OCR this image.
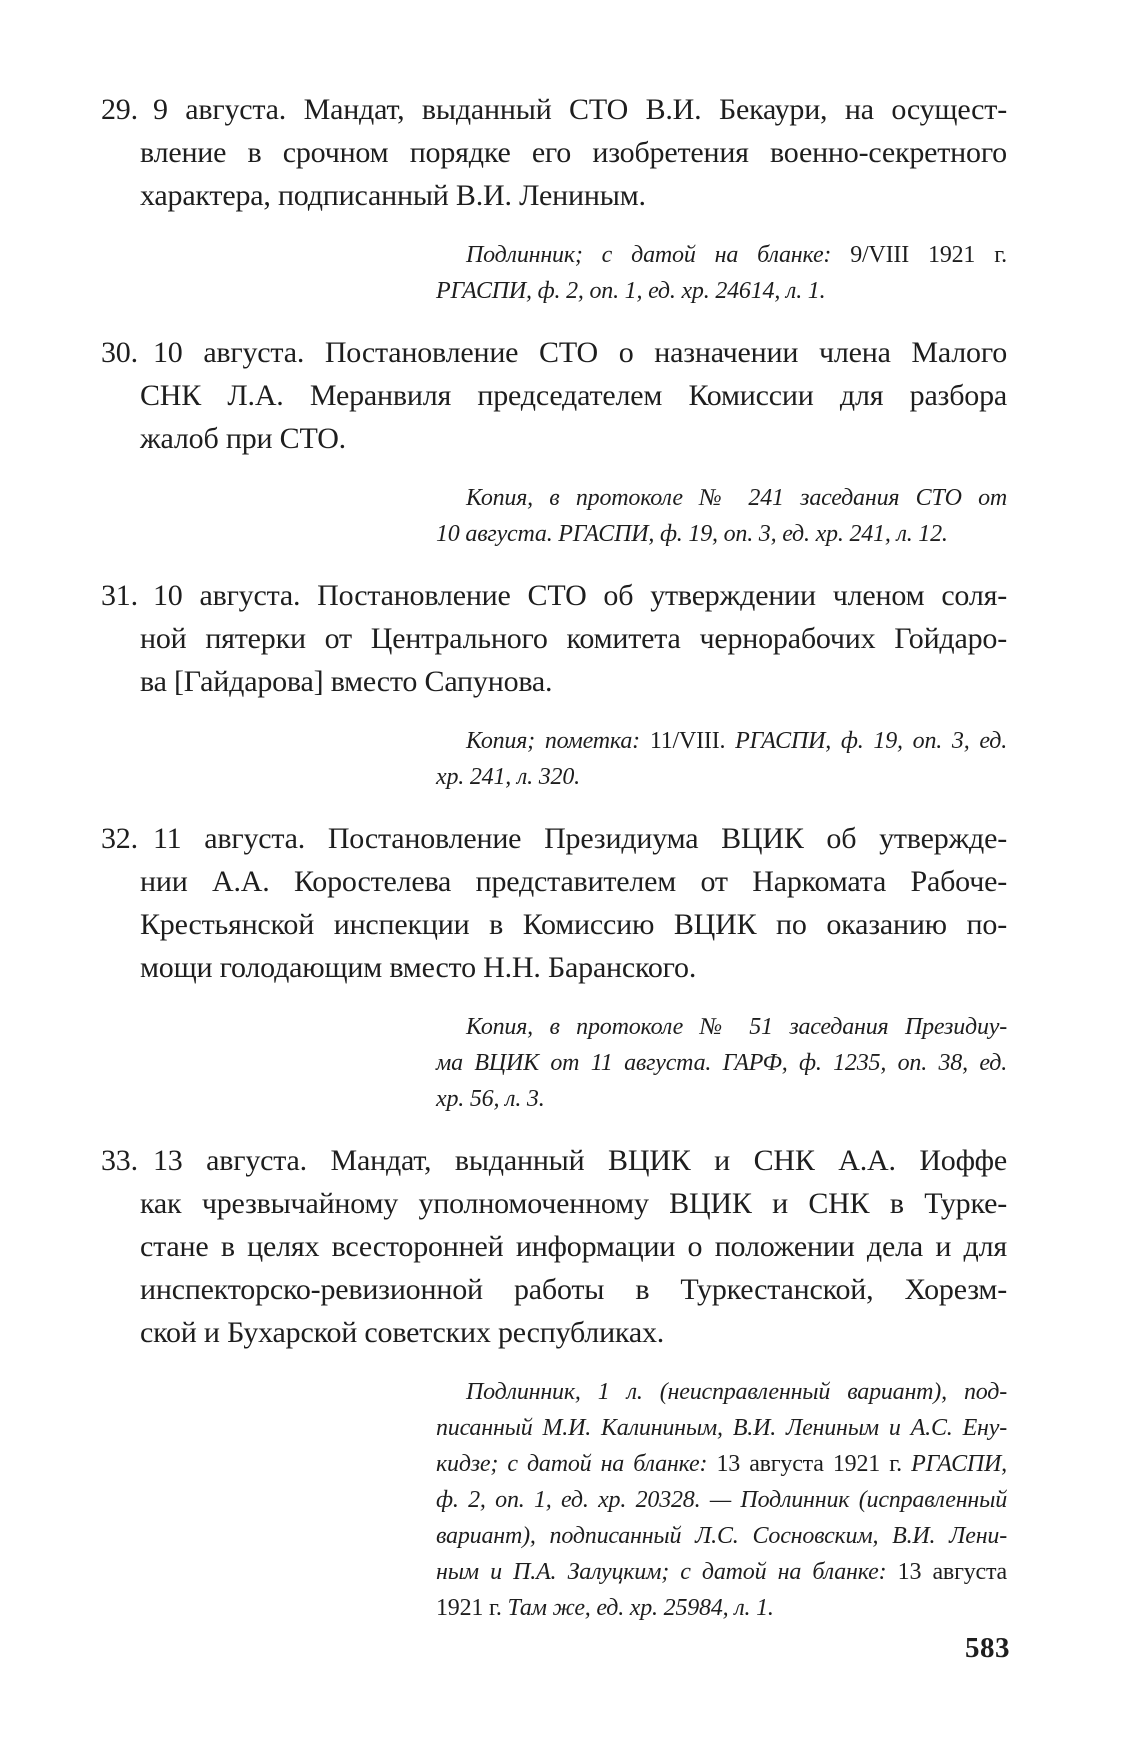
29. 9 августа. Мандат, выданный СТО В.И. Бекаури, на осущест-
вление в срочном порядке его изобретения военно-секретного
характера, подписанный В.И. Лениным.
Подлинник; с датой на бланке: 9/VIII 1921 г.
РГАСПИ, ф. 2, оп. 1, ед. хр. 24614, л. 1.
30. 10 августа. Постановление СТО о назначении члена Малого
СНК Л.А. Меранвиля председателем Комиссии для разбора
жалоб при СТО.
Копия, в протоколе № 241 заседания СТО от
10 августа. РГАСПИ, ф. 19, оп. 3, ед. хр. 241, л. 12.
31. 10 августа. Постановление СТО об утверждении членом соля-
ной пятерки от Центрального комитета чернорабочих Гойдаро-
ва [Гайдарова] вместо Сапунова.
Копия; пометка: 11/VIII. РГАСПИ, ф. 19, оп. 3, ед.
хр. 241, л. 320.
32. 11 августа. Постановление Президиума ВЦИК об утвержде-
нии А.А. Коростелева представителем от Наркомата Рабоче-
Крестьянской инспекции в Комиссию ВЦИК по оказанию по-
мощи голодающим вместо Н.Н. Баранского.
Копия, в протоколе № 51 заседания Президиу-
ма ВЦИК от 11 августа. ГАРФ, ф. 1235, оп. 38, ед.
хр. 56, л. 3.
33. 13 августа. Мандат, выданный ВЦИК и СНК А.А. Иоффе
как чрезвычайному уполномоченному ВЦИК и СНК в Турке-
стане в целях всесторонней информации о положении дела и для
инспекторско-ревизионной работы в Туркестанской, Хорезм-
ской и Бухарской советских республиках.
Подлинник, 1 л. (неисправленный вариант), под-
писанный М.И. Калининым, В.И. Лениным и А.С. Ену-
кидзе; с датой на бланке: 13 августа 1921 г. РГАСПИ,
ф. 2, оп. 1, ед. хр. 20328. — Подлинник (исправленный
вариант), подписанный Л.С. Сосновским, В.И. Лени-
ным и П.А. Залуцким; с датой на бланке: 13 августа
1921 г. Там же, ед. хр. 25984, л. 1.
583
